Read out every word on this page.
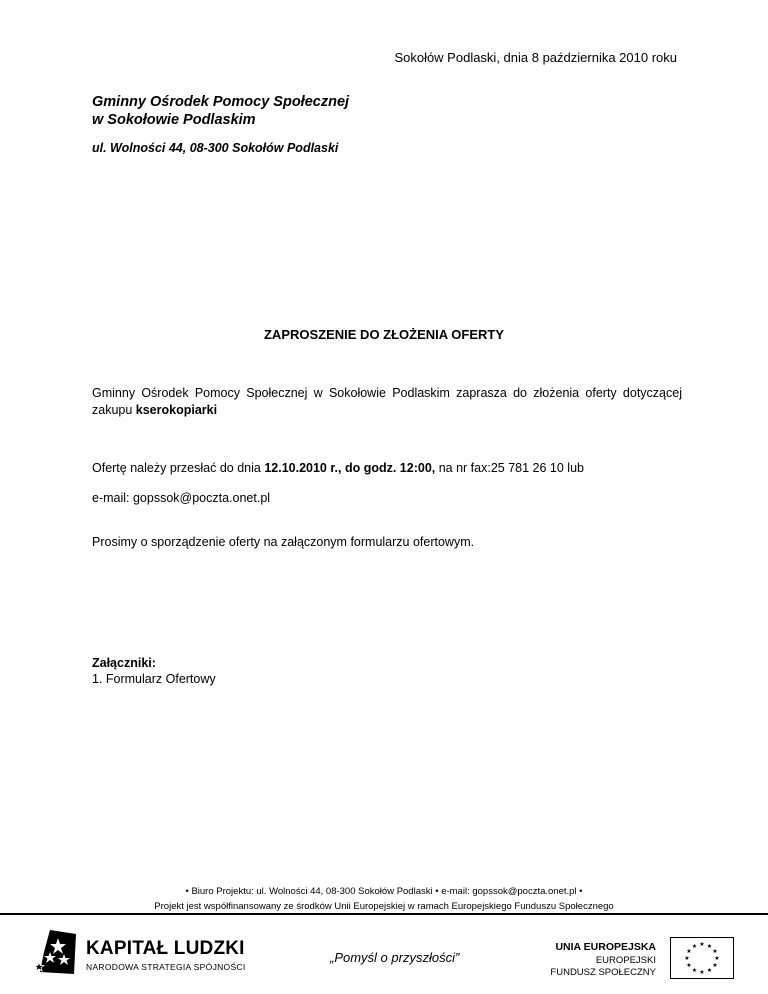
Sokołów Podlaski, dnia 8 października 2010 roku
Gminny Ośrodek Pomocy Społecznej
w Sokołowie Podlaskim
ul. Wolności 44, 08-300 Sokołów Podlaski
ZAPROSZENIE DO ZŁOŻENIA OFERTY
Gminny Ośrodek Pomocy Społecznej w Sokołowie Podlaskim zaprasza do złożenia oferty dotyczącej zakupu kserokopiarki
Ofertę należy przesłać do dnia 12.10.2010 r., do godz. 12:00, na nr fax:25 781 26 10 lub
e-mail: gopssok@poczta.onet.pl
Prosimy o sporządzenie oferty na załączonym formularzu ofertowym.
Załączniki:
1. Formularz Ofertowy
• Biuro Projektu: ul. Wolności 44, 08-300 Sokołów Podlaski • e-mail: gopssok@poczta.onet.pl •
Projekt jest współfinansowany ze środków Unii Europejskiej w ramach Europejskiego Funduszu Społecznego
KAPITAŁ LUDZKI
NARODOWA STRATEGIA SPÓJNOŚCI
„Pomyśl o przyszłości”
UNIA EUROPEJSKA
EUROPEJSKI
FUNDUSZ SPOŁECZNY
★ ★
★
★
★
★
★
★
★
★
★
★
